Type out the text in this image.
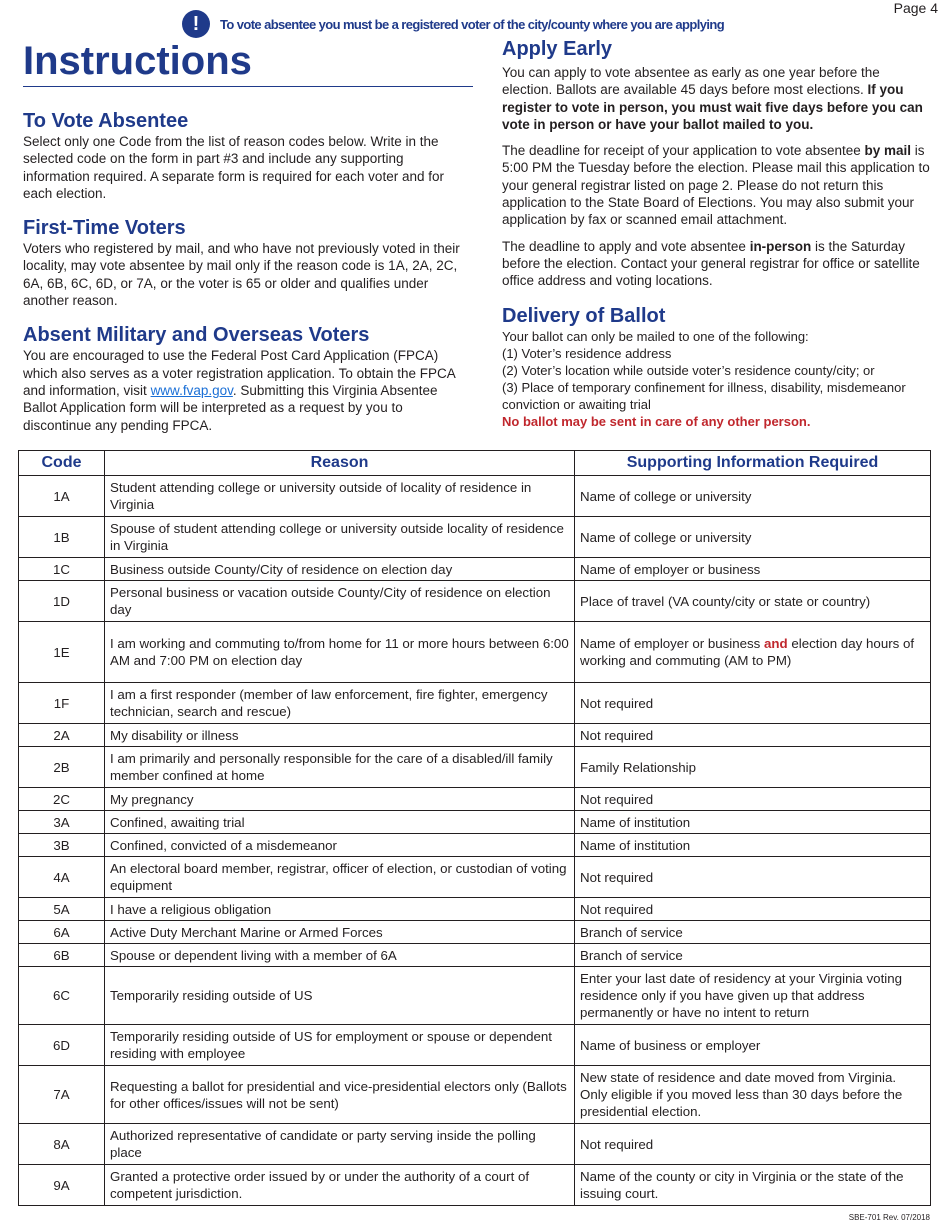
Page 4
!	To vote absentee you must be a registered voter of the city/county where you are applying
Instructions
To Vote Absentee

Select only one Code from the list of reason codes below. Write in the selected code on the form in part #3 and include any supporting information required. A separate form is required for each voter and for each election.

First-Time Voters

Voters who registered by mail, and who have not previously voted in their locality, may vote absentee by mail only if the reason code is 1A, 2A, 2C, 6A, 6B, 6C, 6D, or 7A, or the voter is 65 or older and qualifies under another reason.

Absent Military and Overseas Voters

You are encouraged to use the Federal Post Card Application (FPCA) which also serves as a voter registration application. To obtain the FPCA and information, visit www.fvap.gov. Submitting this Virginia Absentee Ballot Application form will be interpreted as a request by you to discontinue any pending FPCA.

Apply Early

You can apply to vote absentee as early as one year before the election. Ballots are available 45 days before most elections. If you register to vote in person, you must wait five days before you can vote in person or have your ballot mailed to you.

The deadline for receipt of your application to vote absentee by mail is 5:00 PM the Tuesday before the election. Please mail this application to your general registrar listed on page 2. Please do not return this application to the State Board of Elections. You may also submit your application by fax or scanned email attachment.

The deadline to apply and vote absentee in-person is the Saturday before the election. Contact your general registrar for office or satellite office address and voting locations.

Delivery of Ballot

Your ballot can only be mailed to one of the following:

(1) Voter’s residence address

(2) Voter’s location while outside voter’s residence county/city; or

(3) Place of temporary confinement for illness, disability, misdemeanor conviction or awaiting trial

No ballot may be sent in care of any other person.

Code	Reason	Supporting Information Required
1A	Student attending college or university outside of locality of residence in Virginia	Name of college or university
1B	Spouse of student attending college or university outside locality of residence in Virginia	Name of college or university
1C	Business outside County/City of residence on election day	Name of employer or business
1D	Personal business or vacation outside County/City of residence on election day	Place of travel (VA county/city or state or country)
1E	I am working and commuting to/from home for 11 or more hours between 6:00 AM and 7:00 PM on election day	Name of employer or business and election day hours of working and commuting (AM to PM)
1F	I am a first responder (member of law enforcement, fire fighter, emergency technician, search and rescue)	Not required
2A	My disability or illness	Not required
2B	I am primarily and personally responsible for the care of a disabled/ill family member confined at home	Family Relationship
2C	My pregnancy	Not required
3A	Confined, awaiting trial	Name of institution
3B	Confined, convicted of a misdemeanor	Name of institution
4A	An electoral board member, registrar, officer of election, or custodian of voting equipment	Not required
5A	I have a religious obligation	Not required
6A	Active Duty Merchant Marine or Armed Forces	Branch of service
6B	Spouse or dependent living with a member of 6A	Branch of service
6C	Temporarily residing outside of US	Enter your last date of residency at your Virginia voting residence only if you have given up that address permanently or have no intent to return
6D	Temporarily residing outside of US for employment or spouse or dependent residing with employee	Name of business or employer
7A	Requesting a ballot for presidential and vice-presidential electors only (Ballots for other offices/issues will not be sent)	New state of residence and date moved from Virginia. Only eligible if you moved less than 30 days before the presidential election.
8A	Authorized representative of candidate or party serving inside the polling place	Not required
9A	Granted a protective order issued by or under the authority of a court of competent jurisdiction.	Name of the county or city in Virginia or the state of the issuing court.
SBE-701 Rev. 07/2018
